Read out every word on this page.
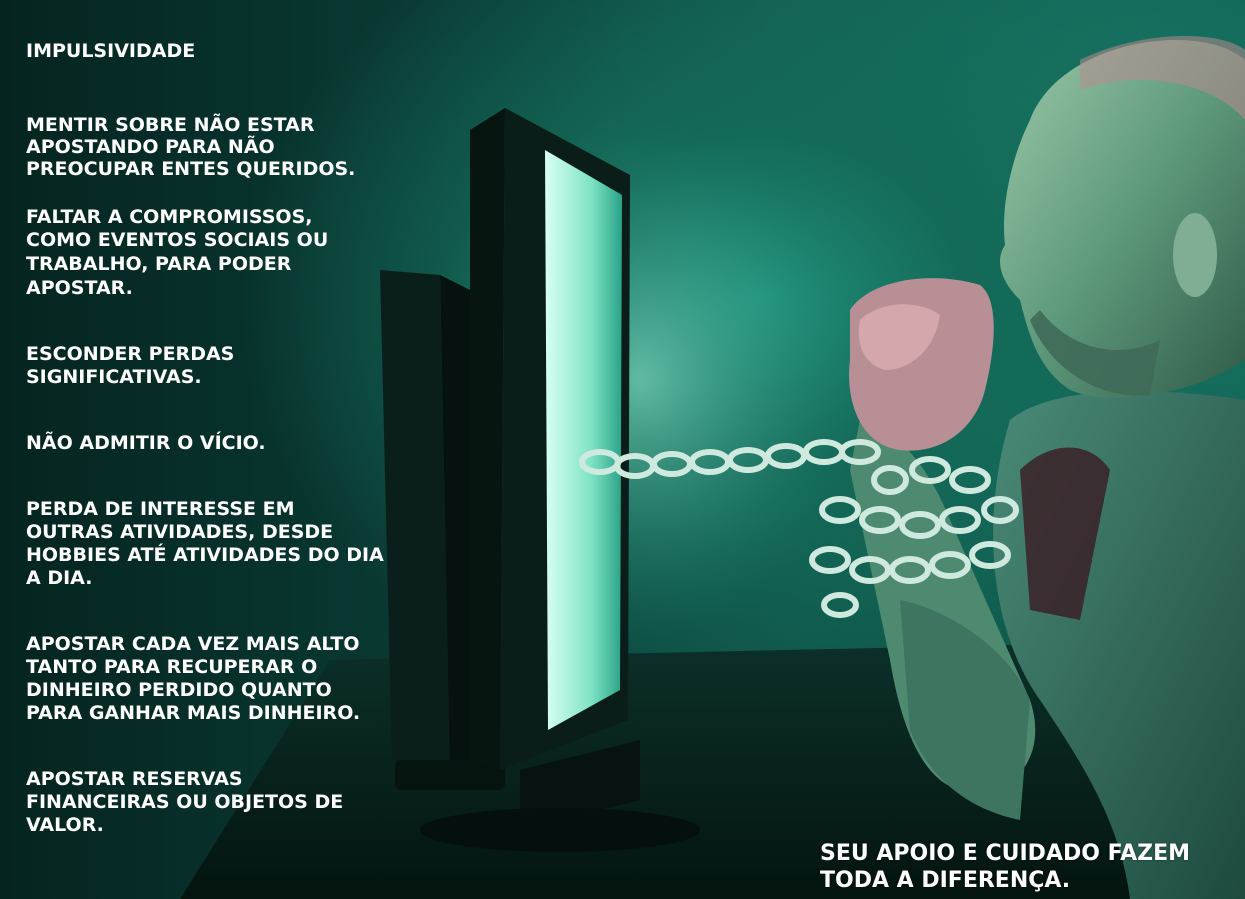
IMPULSIVIDADE
MENTIR SOBRE NÃO ESTAR
APOSTANDO PARA NÃO
PREOCUPAR ENTES QUERIDOS.
FALTAR A COMPROMISSOS,
COMO EVENTOS SOCIAIS OU
TRABALHO, PARA PODER
APOSTAR.
ESCONDER PERDAS
SIGNIFICATIVAS.
NÃO ADMITIR O VÍCIO.
PERDA DE INTERESSE EM
OUTRAS ATIVIDADES, DESDE
HOBBIES ATÉ ATIVIDADES DO DIA
A DIA.
APOSTAR CADA VEZ MAIS ALTO
TANTO PARA RECUPERAR O
DINHEIRO PERDIDO QUANTO
PARA GANHAR MAIS DINHEIRO.
APOSTAR RESERVAS
FINANCEIRAS OU OBJETOS DE
VALOR.
SEU APOIO E CUIDADO FAZEM
TODA A DIFERENÇA.
